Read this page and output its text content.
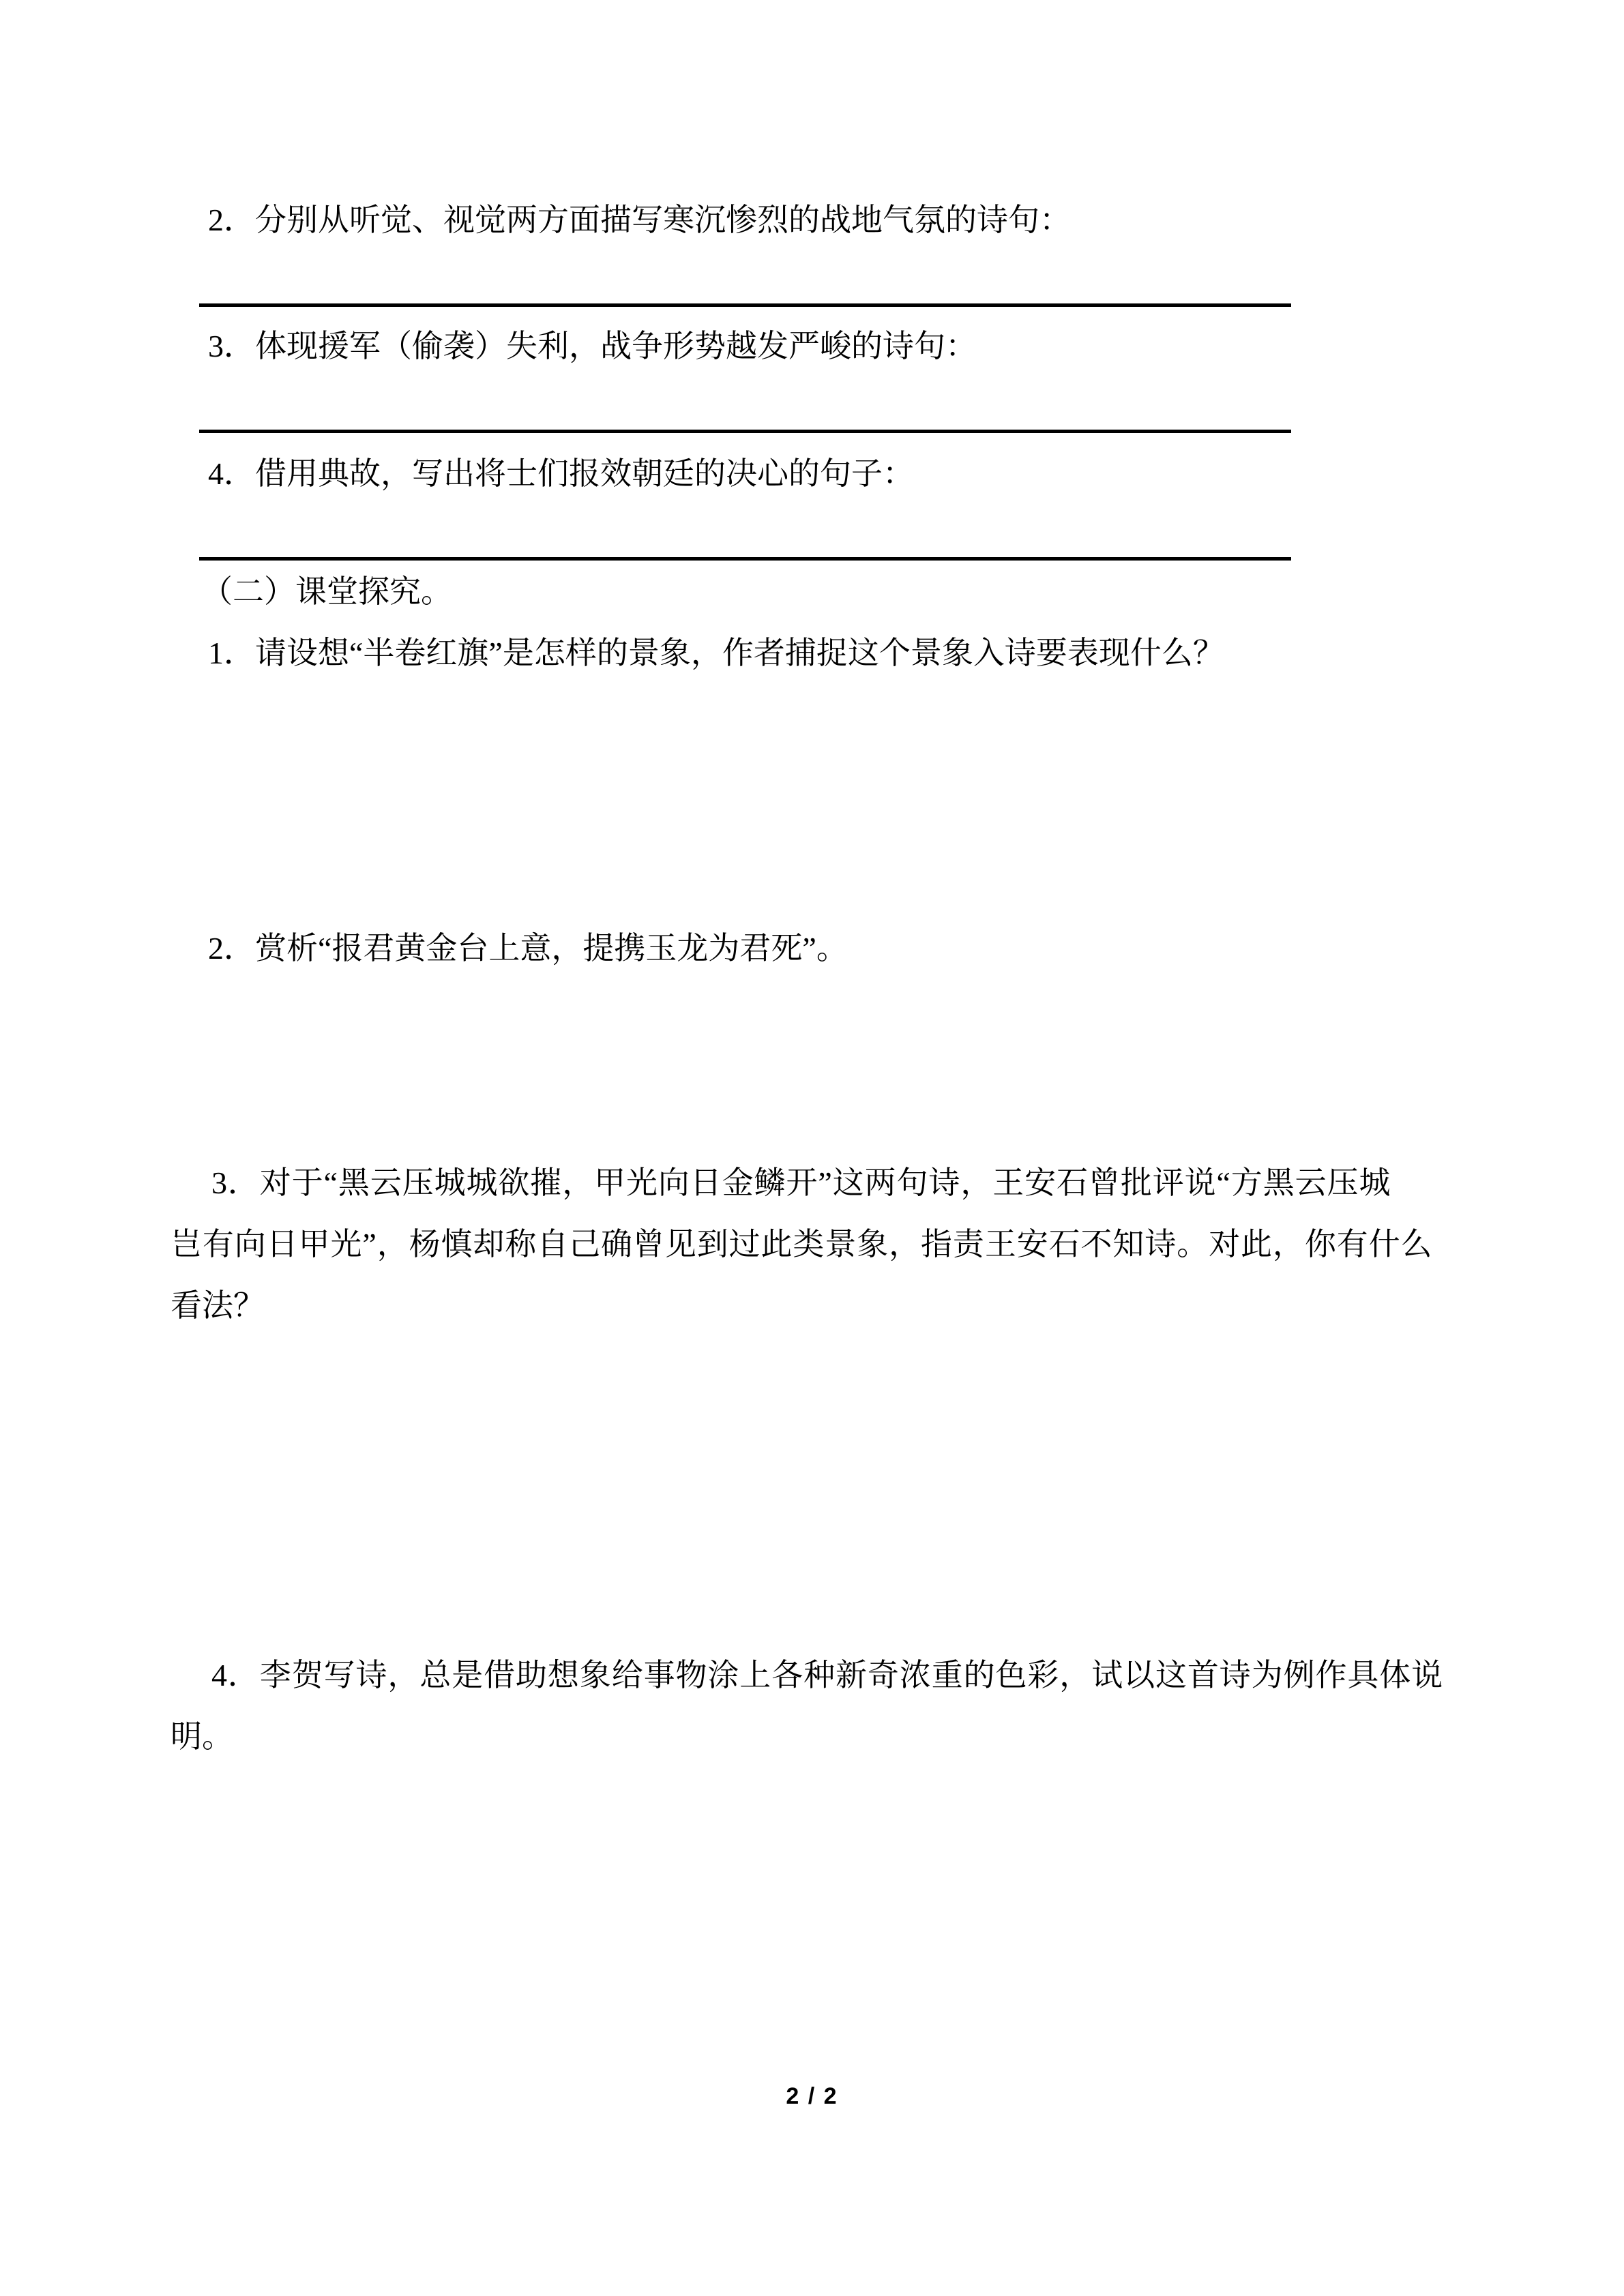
2．分别从听觉、视觉两方面描写寒沉惨烈的战地气氛的诗句：
3．体现援军（偷袭）失利，战争形势越发严峻的诗句：
4．借用典故，写出将士们报效朝廷的决心的句子：
（二）课堂探究。
1．请设想“半卷红旗”是怎样的景象，作者捕捉这个景象入诗要表现什么？
2．赏析“报君黄金台上意，提携玉龙为君死”。
3．对于“黑云压城城欲摧，甲光向日金鳞开”这两句诗，王安石曾批评说“方黑云压城
岂有向日甲光”，杨慎却称自己确曾见到过此类景象，指责王安石不知诗。对此，你有什么
看法？
4．李贺写诗，总是借助想象给事物涂上各种新奇浓重的色彩，试以这首诗为例作具体说
明。
2 / 2
